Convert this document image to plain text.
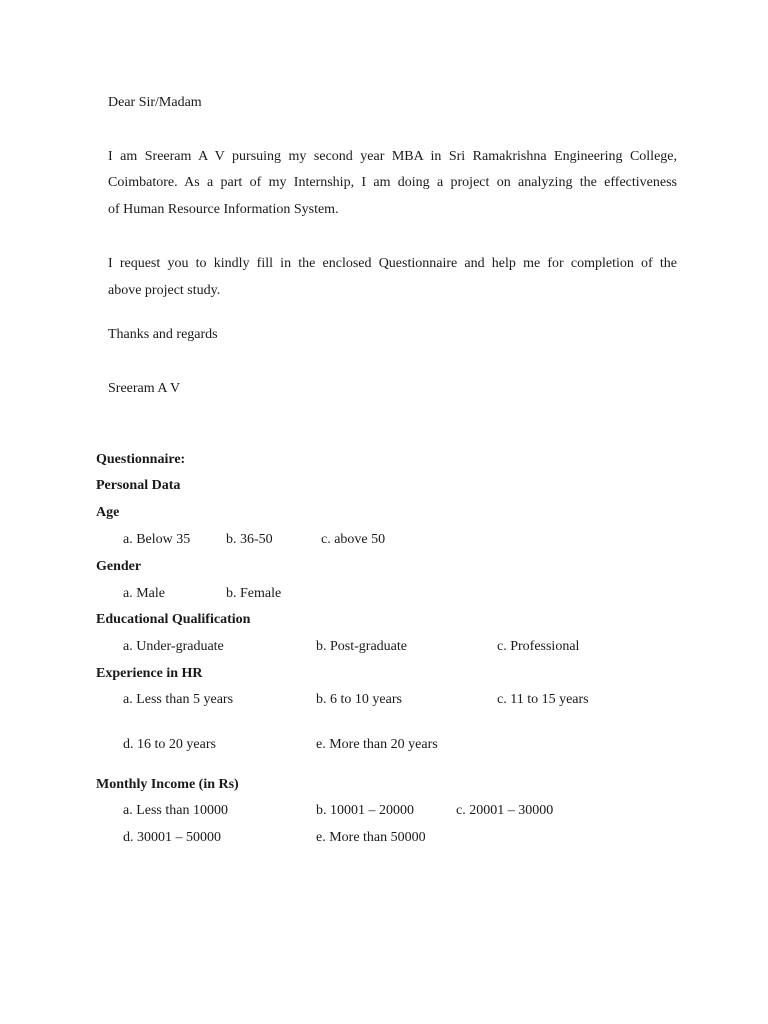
Dear Sir/Madam
I am Sreeram A V pursuing my second year MBA in Sri Ramakrishna Engineering College,
Coimbatore. As a part of my Internship, I am doing a project on analyzing the effectiveness
of Human Resource Information System.
I request you to kindly fill in the enclosed Questionnaire and help me for completion of the
above project study.
Thanks and regards
Sreeram A V
Questionnaire:
Personal Data
Age
a. Below 35	b. 36-50	c. above 50
Gender
a. Male	b. Female
Educational Qualification
a. Under-graduate	b. Post-graduate	c. Professional
Experience in HR
a. Less than 5 years	b. 6 to 10 years	c. 11 to 15 years
d. 16 to 20 years	e. More than 20 years
Monthly Income (in Rs)
a. Less than 10000	b. 10001 – 20000	c. 20001 – 30000
d. 30001 – 50000	e. More than 50000
